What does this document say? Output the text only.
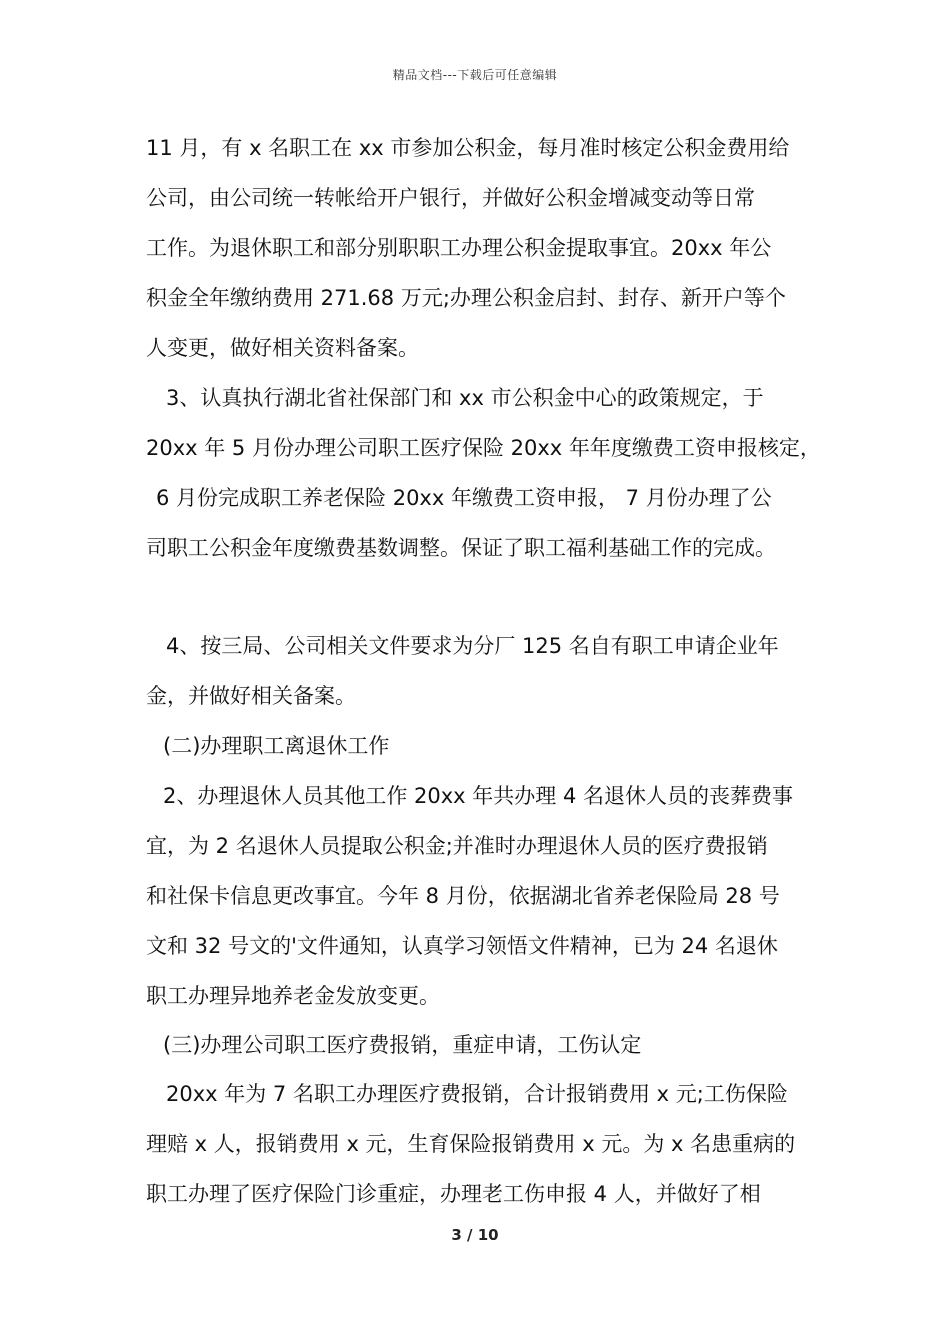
精品文档---下载后可任意编辑
11 月，有 x 名职工在 xx 市参加公积金，每月准时核定公积金费用给
公司，由公司统一转帐给开户银行，并做好公积金增减变动等日常
工作。为退休职工和部分别职职工办理公积金提取事宜。20xx 年公
积金全年缴纳费用 271.68 万元;办理公积金启封、封存、新开户等个
人变更，做好相关资料备案。
3、认真执行湖北省社保部门和 xx 市公积金中心的政策规定，于
20xx 年 5 月份办理公司职工医疗保险 20xx 年年度缴费工资申报核定，
6 月份完成职工养老保险 20xx 年缴费工资申报， 7 月份办理了公
司职工公积金年度缴费基数调整。保证了职工福利基础工作的完成。
4、按三局、公司相关文件要求为分厂 125 名自有职工申请企业年
金，并做好相关备案。
(二)办理职工离退休工作
2、办理退休人员其他工作 20xx 年共办理 4 名退休人员的丧葬费事
宜，为 2 名退休人员提取公积金;并准时办理退休人员的医疗费报销
和社保卡信息更改事宜。今年 8 月份，依据湖北省养老保险局 28 号
文和 32 号文的'文件通知，认真学习领悟文件精神，已为 24 名退休
职工办理异地养老金发放变更。
(三)办理公司职工医疗费报销，重症申请，工伤认定
20xx 年为 7 名职工办理医疗费报销，合计报销费用 x 元;工伤保险
理赔 x 人，报销费用 x 元，生育保险报销费用 x 元。为 x 名患重病的
职工办理了医疗保险门诊重症，办理老工伤申报 4 人，并做好了相
3 / 10
